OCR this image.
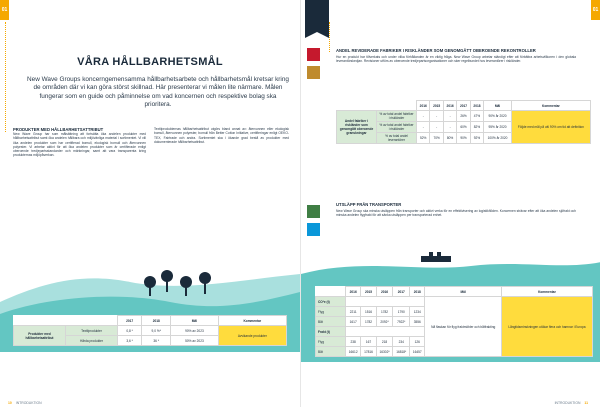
01
VÅRA HÅLLBARHETSMÅL

New Wave Groups koncerngemensamma hållbarhetsarbete och hållbarhetsmål kretsar kring de områden där vi kan göra störst skillnad. Här presenterar vi målen lite närmare. Målen fungerar som en guide och påminnelse om vad koncernen och respektive bolag ska prioritera.

PRODUKTER MED HÅLLBARHETSATTRIBUT

New Wave Group har som målsättning att fortsätta öka andelen produkter med hållbarhetsattribut samt öka andelen hållbara och miljövänliga material i sortimentet. Vi vill öka andelen produkter som har certifierad bomull, ekologisk bomull och återvunnen polyester. Vi arbetar aktivt för att öka andelen produkter som är certifierade enligt oberoende tredjepartsstandarder och märkningar, samt att vara transparenta kring produkternas miljöpåverkan.

Textilprodukternas hållbarhetsattribut utgörs bland annat av: återvunnen eller ekologisk bomull, återvunnen polyester, bomull från Better Cotton Initiative, certifieringar enligt OEKO-TEX, Fairtrade och andra. Sortimentet ska i ökande grad bestå av produkter med dokumenterade hållbarhetsattribut.

		2017	2018	Mål	Kommentar
Produkter med hållbarhetsattribut	Textilprodukter	0,8 *	9,0 %*	90% av 2023	Avvikande produkter
	Hårda produkter	3,6 *	36 *	50% av 2023	

* New Wave Groups koncernbolaget har fått resultaten i både svenska och engelska rapportering för 2018.

10 INTRODUKTION
01
ANDEL REVIDERADE FABRIKER I RISKLÄNDER SOM GENOMGÅTT OBEROENDE REKONTROLLER

Hur en produkt har tillverkats och under vilka förhållanden är en viktig fråga. New Wave Group arbetar ständigt efter att förbättra arbetsvillkoren i den globala leverantörskedjan. Revisioner utförs av oberoende tredjepartsorganisationer och sker regelbundet hos leverantörer i riskländer.

		2016	2015	2016	2017	2018	Mål	Kommentar
Andel fabriker i riskländer som genomgått oberoende granskningar	% av total andel fabriker i riskländer	-	-	-	26%	47%	90% år 2020	Följde med mål på väl 90% om tid att definition
	% av total andel fabriker i riskländer	-	-	-	60%	82%	95% år 2020	
	% av total andel leverantörer	52%	70%	80%	90%	92%	100% år 2020	

UTSLÄPP FRÅN TRANSPORTER

New Wave Group ska minska utsläppen från transporter och aktivt verka för en effektivisering av logistikflöden. Koncernen strävar efter att öka andelen sjöfrakt och minska andelen flygfrakt för att sänka utsläppen per transporterad enhet.

	2016	2015	2016	2017	2018	Mål	Kommentar
CO²e (t)						Nå flaskan för flyg fraktmöbler och båtfrakting	Långtidsminskningen utökar flera och hamnar i Europa
Flyg	2211	1516	1782	1790	1234		
Båt	1617	1782	2092*	7922*	3556		
Frakt (t)							
Flyg	238	167	218	234	126		
Båt	16612	17816	16302*	16818*	16457		

* Under 2018 har New Wave Group ett förbättrat rapporteringsflöde för själva frakten. Data från 2016 och 2017 har korrigerats.

INTRODUKTION 11
